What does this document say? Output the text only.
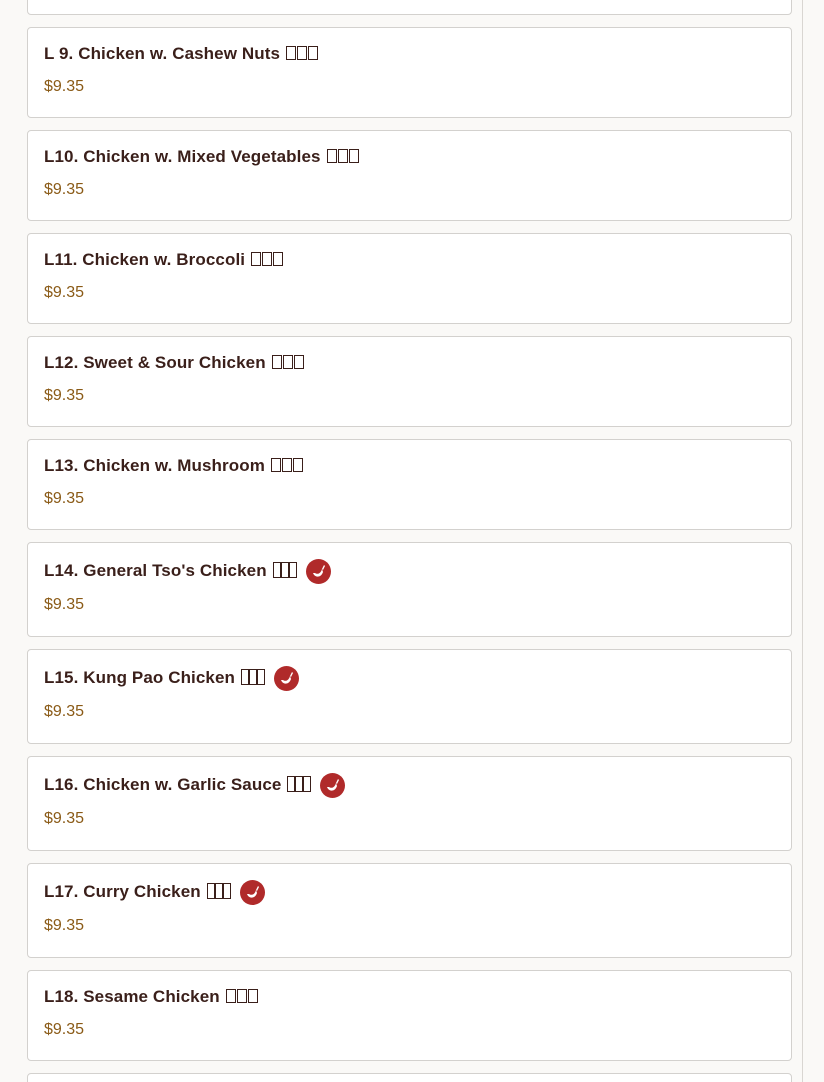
L 9. Chicken w. Cashew Nuts
$9.35
L10. Chicken w. Mixed Vegetables
$9.35
L11. Chicken w. Broccoli
$9.35
L12. Sweet & Sour Chicken
$9.35
L13. Chicken w. Mushroom
$9.35
L14. General Tso's Chicken
$9.35
L15. Kung Pao Chicken
$9.35
L16. Chicken w. Garlic Sauce
$9.35
L17. Curry Chicken
$9.35
L18. Sesame Chicken
$9.35
